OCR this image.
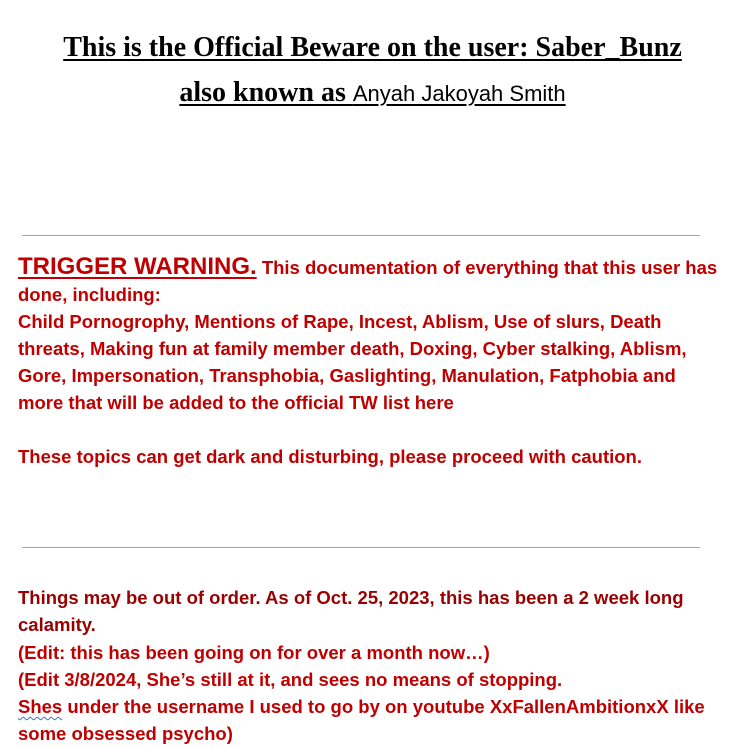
This is the Official Beware on the user: Saber_Bunz
also known as Anyah Jakoyah Smith

TRIGGER WARNING. This documentation of everything that this user has done, including:

Child Pornogrophy, Mentions of Rape, Incest, Ablism, Use of slurs, Death threats, Making fun at family member death, Doxing, Cyber stalking, Ablism, Gore, Impersonation, Transphobia, Gaslighting, Manulation, Fatphobia and more that will be added to the official TW list here

These topics can get dark and disturbing, please proceed with caution.

Things may be out of order. As of Oct. 25, 2023, this has been a 2 week long calamity.

(Edit: this has been going on for over a month now…)

(Edit 3/8/2024, She’s still at it, and sees no means of stopping.

Shes under the username I used to go by on youtube XxFallenAmbitionxX like some obsessed psycho)
